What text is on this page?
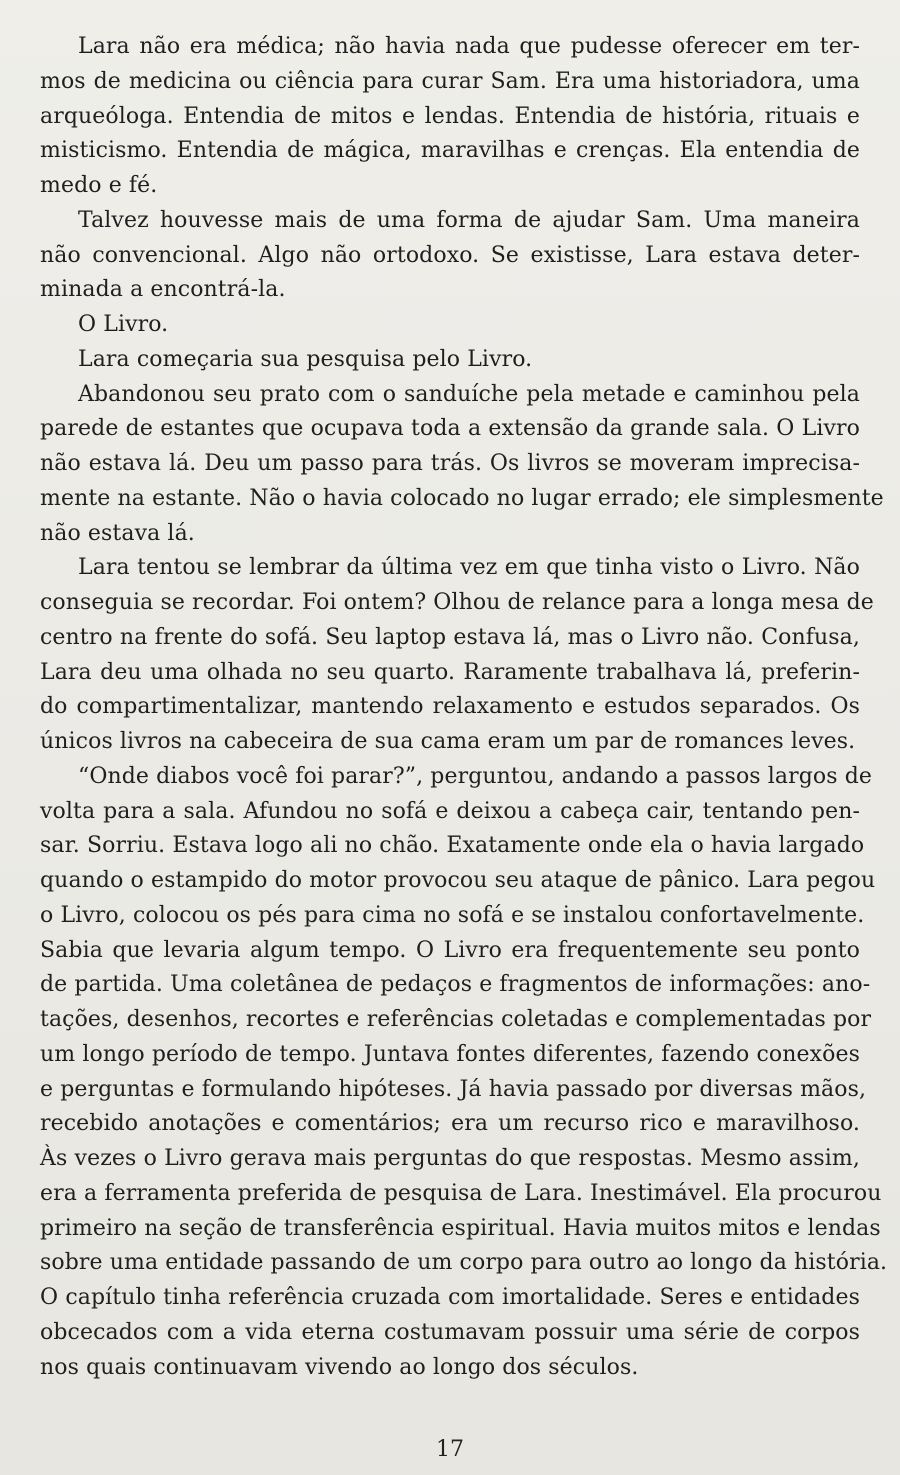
Lara não era médica; não havia nada que pudesse oferecer em ter-
mos de medicina ou ciência para curar Sam. Era uma historiadora, uma
arqueóloga. Entendia de mitos e lendas. Entendia de história, rituais e
misticismo. Entendia de mágica, maravilhas e crenças. Ela entendia de
medo e fé.
Talvez houvesse mais de uma forma de ajudar Sam. Uma maneira
não convencional. Algo não ortodoxo. Se existisse, Lara estava deter-
minada a encontrá-la.
O Livro.
Lara começaria sua pesquisa pelo Livro.
Abandonou seu prato com o sanduíche pela metade e caminhou pela
parede de estantes que ocupava toda a extensão da grande sala. O Livro
não estava lá. Deu um passo para trás. Os livros se moveram imprecisa-
mente na estante. Não o havia colocado no lugar errado; ele simplesmente
não estava lá.
Lara tentou se lembrar da última vez em que tinha visto o Livro. Não
conseguia se recordar. Foi ontem? Olhou de relance para a longa mesa de
centro na frente do sofá. Seu laptop estava lá, mas o Livro não. Confusa,
Lara deu uma olhada no seu quarto. Raramente trabalhava lá, preferin-
do compartimentalizar, mantendo relaxamento e estudos separados. Os
únicos livros na cabeceira de sua cama eram um par de romances leves.
“Onde diabos você foi parar?”, perguntou, andando a passos largos de
volta para a sala. Afundou no sofá e deixou a cabeça cair, tentando pen-
sar. Sorriu. Estava logo ali no chão. Exatamente onde ela o havia largado
quando o estampido do motor provocou seu ataque de pânico. Lara pegou
o Livro, colocou os pés para cima no sofá e se instalou confortavelmente.
Sabia que levaria algum tempo. O Livro era frequentemente seu ponto
de partida. Uma coletânea de pedaços e fragmentos de informações: ano-
tações, desenhos, recortes e referências coletadas e complementadas por
um longo período de tempo. Juntava fontes diferentes, fazendo conexões
e perguntas e formulando hipóteses. Já havia passado por diversas mãos,
recebido anotações e comentários; era um recurso rico e maravilhoso.
Às vezes o Livro gerava mais perguntas do que respostas. Mesmo assim,
era a ferramenta preferida de pesquisa de Lara. Inestimável. Ela procurou
primeiro na seção de transferência espiritual. Havia muitos mitos e lendas
sobre uma entidade passando de um corpo para outro ao longo da história.
O capítulo tinha referência cruzada com imortalidade. Seres e entidades
obcecados com a vida eterna costumavam possuir uma série de corpos
nos quais continuavam vivendo ao longo dos séculos.
17
